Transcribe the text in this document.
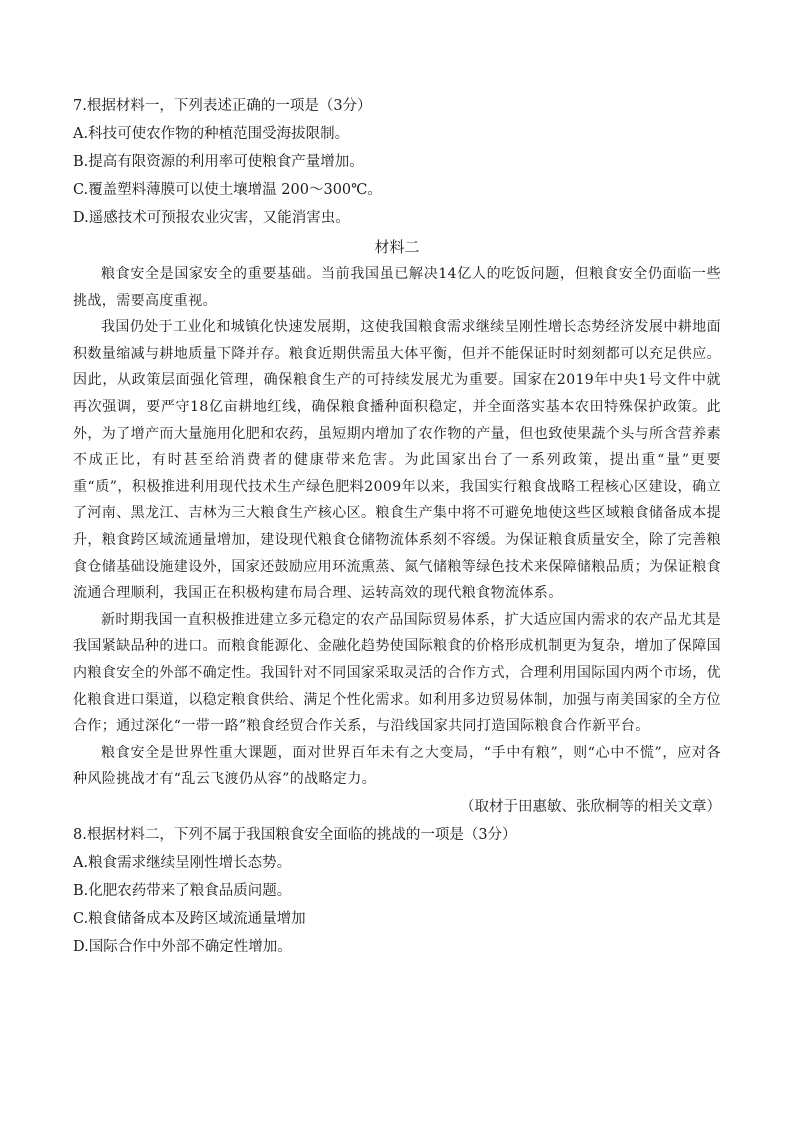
7.根据材料一，下列表述正确的一项是（3分）
A.科技可使农作物的种植范围受海拔限制。
B.提高有限资源的利用率可使粮食产量增加。
C.覆盖塑料薄膜可以使土壤增温 200～300℃。
D.遥感技术可预报农业灾害，又能消害虫。
材料二

粮食安全是国家安全的重要基础。当前我国虽已解决14亿人的吃饭问题，但粮食安全仍面临一些挑战，需要高度重视。

我国仍处于工业化和城镇化快速发展期，这使我国粮食需求继续呈刚性增长态势经济发展中耕地面积数量缩减与耕地质量下降并存。粮食近期供需虽大体平衡，但并不能保证时时刻刻都可以充足供应。因此，从政策层面强化管理，确保粮食生产的可持续发展尤为重要。国家在2019年中央1号文件中就再次强调，要严守18亿亩耕地红线，确保粮食播种面积稳定，并全面落实基本农田特殊保护政策。此外，为了增产而大量施用化肥和农药，虽短期内增加了农作物的产量，但也致使果蔬个头与所含营养素不成正比，有时甚至给消费者的健康带来危害。为此国家出台了一系列政策，提出重“量”更要重“质”，积极推进利用现代技术生产绿色肥料2009年以来，我国实行粮食战略工程核心区建设，确立了河南、黑龙江、吉林为三大粮食生产核心区。粮食生产集中将不可避免地使这些区域粮食储备成本提升，粮食跨区域流通量增加，建设现代粮食仓储物流体系刻不容缓。为保证粮食质量安全，除了完善粮食仓储基础设施建设外，国家还鼓励应用环流熏蒸、氮气储粮等绿色技术来保障储粮品质；为保证粮食流通合理顺利，我国正在积极构建布局合理、运转高效的现代粮食物流体系。

新时期我国一直积极推进建立多元稳定的农产品国际贸易体系，扩大适应国内需求的农产品尤其是我国紧缺品种的进口。而粮食能源化、金融化趋势使国际粮食的价格形成机制更为复杂，增加了保障国内粮食安全的外部不确定性。我国针对不同国家采取灵活的合作方式，合理利用国际国内两个市场，优化粮食进口渠道，以稳定粮食供给、满足个性化需求。如利用多边贸易体制，加强与南美国家的全方位合作；通过深化“一带一路”粮食经贸合作关系，与沿线国家共同打造国际粮食合作新平台。

粮食安全是世界性重大课题，面对世界百年未有之大变局，“手中有粮”，则“心中不慌”，应对各种风险挑战才有“乱云飞渡仍从容”的战略定力。

（取材于田惠敏、张欣桐等的相关文章）
8.根据材料二，下列不属于我国粮食安全面临的挑战的一项是（3分）
A.粮食需求继续呈刚性增长态势。
B.化肥农药带来了粮食品质问题。
C.粮食储备成本及跨区域流通量增加
D.国际合作中外部不确定性增加。
